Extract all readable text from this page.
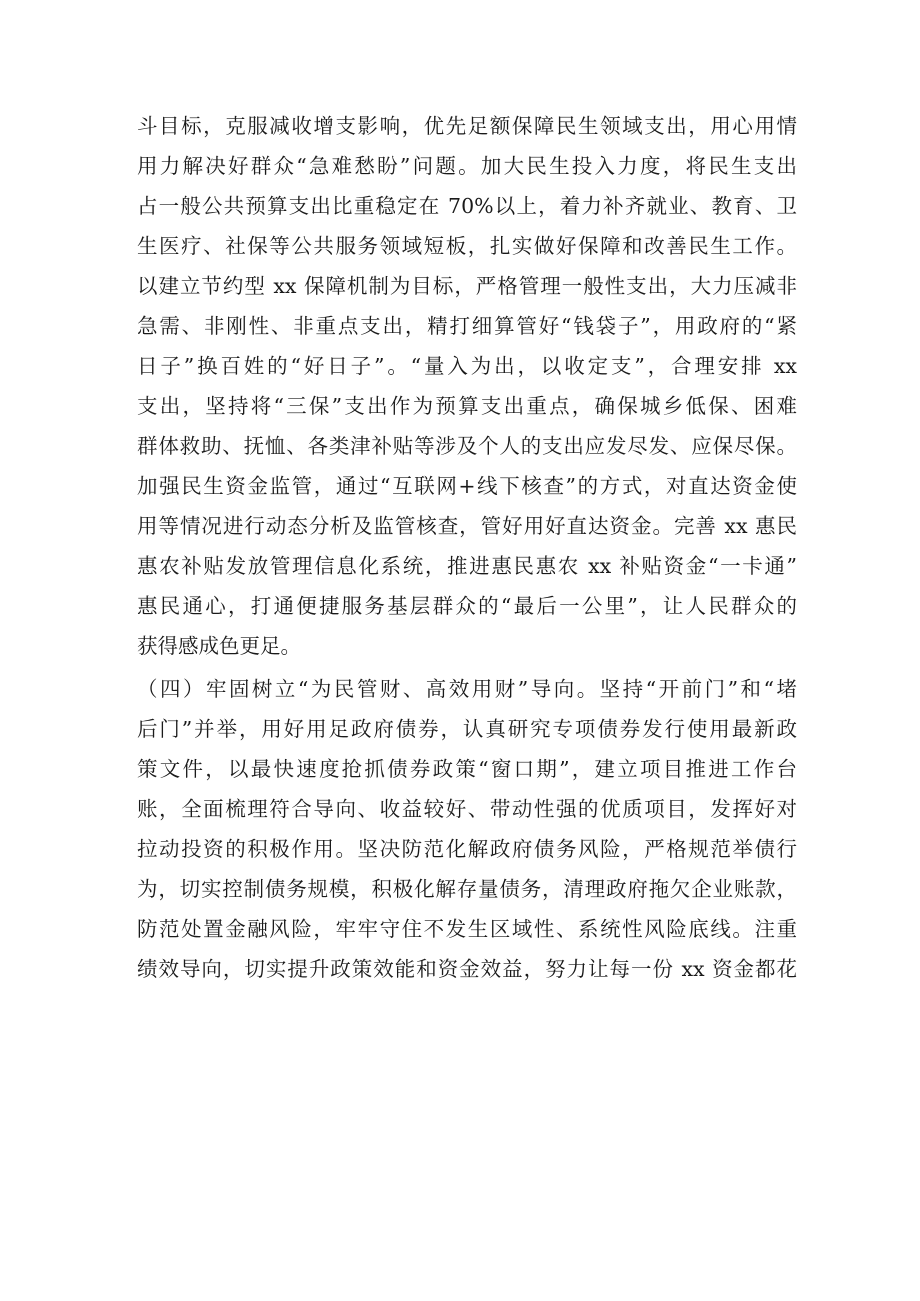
斗目标，克服减收增支影响，优先足额保障民生领域支出，用心用情
用力解决好群众“急难愁盼”问题。加大民生投入力度，将民生支出
占一般公共预算支出比重稳定在 70%以上，着力补齐就业、教育、卫
生医疗、社保等公共服务领域短板，扎实做好保障和改善民生工作。
以建立节约型 xx 保障机制为目标，严格管理一般性支出，大力压减非
急需、非刚性、非重点支出，精打细算管好“钱袋子”，用政府的“紧
日子”换百姓的“好日子”。“量入为出，以收定支”，合理安排 xx
支出，坚持将“三保”支出作为预算支出重点，确保城乡低保、困难
群体救助、抚恤、各类津补贴等涉及个人的支出应发尽发、应保尽保。
加强民生资金监管，通过“互联网+线下核查”的方式，对直达资金使
用等情况进行动态分析及监管核查，管好用好直达资金。完善 xx 惠民
惠农补贴发放管理信息化系统，推进惠民惠农 xx 补贴资金“一卡通”
惠民通心，打通便捷服务基层群众的“最后一公里”，让人民群众的
获得感成色更足。
（四）牢固树立“为民管财、高效用财”导向。坚持“开前门”和“堵
后门”并举，用好用足政府债券，认真研究专项债券发行使用最新政
策文件，以最快速度抢抓债券政策“窗口期”，建立项目推进工作台
账，全面梳理符合导向、收益较好、带动性强的优质项目，发挥好对
拉动投资的积极作用。坚决防范化解政府债务风险，严格规范举债行
为，切实控制债务规模，积极化解存量债务，清理政府拖欠企业账款，
防范处置金融风险，牢牢守住不发生区域性、系统性风险底线。注重
绩效导向，切实提升政策效能和资金效益，努力让每一份 xx 资金都花
